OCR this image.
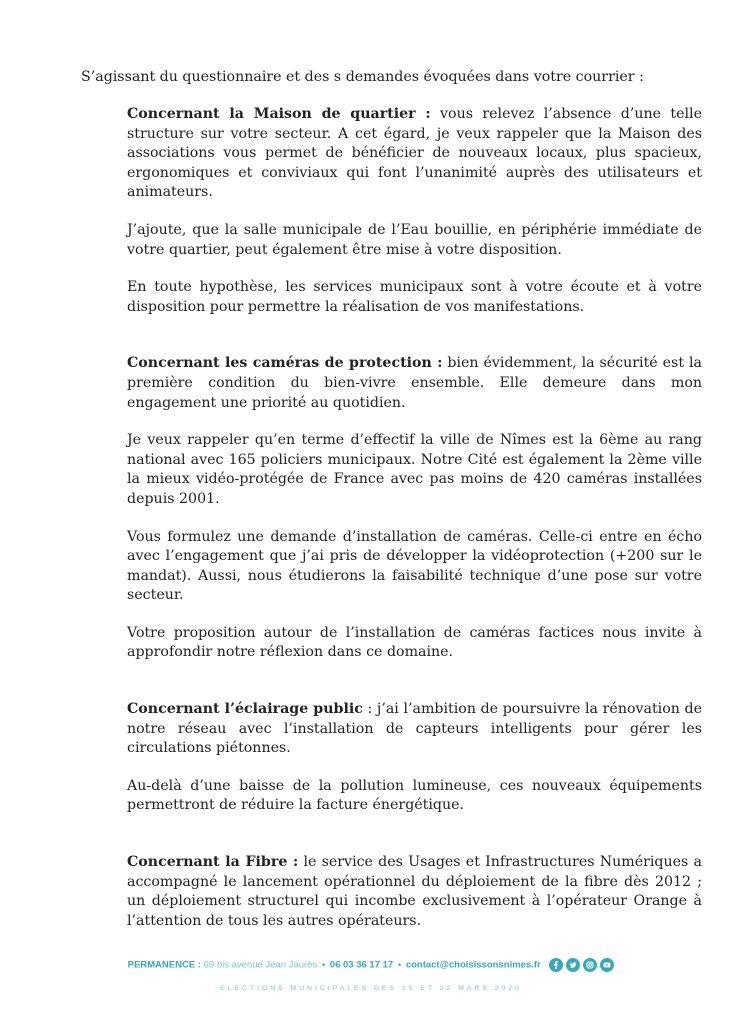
S’agissant du questionnaire et des s demandes évoquées dans votre courrier :

Concernant la Maison de quartier : vous relevez l’absence d’une telle structure sur votre secteur. A cet égard, je veux rappeler que la Maison des associations vous permet de bénéficier de nouveaux locaux, plus spacieux, ergonomiques et conviviaux qui font l’unanimité auprès des utilisateurs et animateurs.

J’ajoute, que la salle municipale de l’Eau bouillie, en périphérie immédiate de votre quartier, peut également être mise à votre disposition.

En toute hypothèse, les services municipaux sont à votre écoute et à votre disposition pour permettre la réalisation de vos manifestations.

Concernant les caméras de protection : bien évidemment, la sécurité est la première condition du bien-vivre ensemble. Elle demeure dans mon engagement une priorité au quotidien.

Je veux rappeler qu’en terme d’effectif la ville de Nîmes est la 6ème au rang national avec 165 policiers municipaux. Notre Cité est également la 2ème ville la mieux vidéo-protégée de France avec pas moins de 420 caméras installées depuis 2001.

Vous formulez une demande d’installation de caméras. Celle-ci entre en écho avec l’engagement que j’ai pris de développer la vidéoprotection (+200 sur le mandat). Aussi, nous étudierons la faisabilité technique d’une pose sur votre secteur.

Votre proposition autour de l’installation de caméras factices nous invite à approfondir notre réflexion dans ce domaine.

Concernant l’éclairage public : j’ai l’ambition de poursuivre la rénovation de notre réseau avec l’installation de capteurs intelligents pour gérer les circulations piétonnes.

Au-delà d’une baisse de la pollution lumineuse, ces nouveaux équipements permettront de réduire la facture énergétique.

Concernant la Fibre : le service des Usages et Infrastructures Numériques a accompagné le lancement opérationnel du déploiement de la fibre dès 2012 ; un déploiement structurel qui incombe exclusivement à l’opérateur Orange à l’attention de tous les autres opérateurs.

PERMANENCE : 69 bis avenue Jean Jaurès • 06 03 36 17 17 • contact@choisissonsnimes.fr
ELECTIONS MUNICIPALES DES 15 ET 22 MARS 2020
